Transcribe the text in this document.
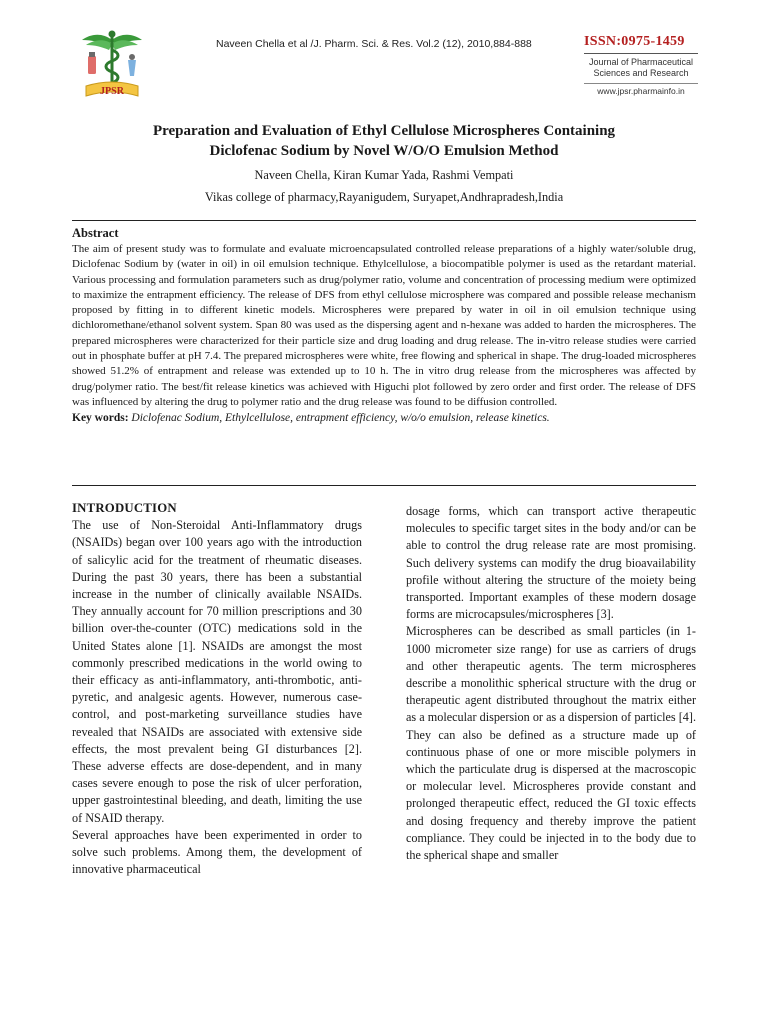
JPSR
Naveen Chella et al /J. Pharm. Sci. & Res. Vol.2 (12), 2010,884-888	ISSN:0975-1459
Journal of Pharmaceutical
Sciences and Research
www.jpsr.pharmainfo.in
Preparation and Evaluation of Ethyl Cellulose Microspheres Containing
Diclofenac Sodium by Novel W/O/O Emulsion Method

Naveen Chella, Kiran Kumar Yada, Rashmi Vempati

Vikas college of pharmacy,Rayanigudem, Suryapet,Andhrapradesh,India

Abstract

The aim of present study was to formulate and evaluate microencapsulated controlled release preparations of a highly water/soluble drug, Diclofenac Sodium by (water in oil) in oil emulsion technique. Ethylcellulose, a biocompatible polymer is used as the retardant material. Various processing and formulation parameters such as drug/polymer ratio, volume and concentration of processing medium were optimized to maximize the entrapment efficiency. The release of DFS from ethyl cellulose microsphere was compared and possible release mechanism proposed by fitting in to different kinetic models. Microspheres were prepared by water in oil in oil emulsion technique using dichloromethane/ethanol solvent system. Span 80 was used as the dispersing agent and n-hexane was added to harden the microspheres. The prepared microspheres were characterized for their particle size and drug loading and drug release. The in-vitro release studies were carried out in phosphate buffer at pH 7.4. The prepared microspheres were white, free flowing and spherical in shape. The drug-loaded microspheres showed 51.2% of entrapment and release was extended up to 10 h. The in vitro drug release from the microspheres was affected by drug/polymer ratio. The best/fit release kinetics was achieved with Higuchi plot followed by zero order and first order. The release of DFS was influenced by altering the drug to polymer ratio and the drug release was found to be diffusion controlled.

Key words: Diclofenac Sodium, Ethylcellulose, entrapment efficiency, w/o/o emulsion, release kinetics.

INTRODUCTION

The use of Non-Steroidal Anti-Inflammatory drugs (NSAIDs) began over 100 years ago with the introduction of salicylic acid for the treatment of rheumatic diseases. During the past 30 years, there has been a substantial increase in the number of clinically available NSAIDs. They annually account for 70 million prescriptions and 30 billion over-the-counter (OTC) medications sold in the United States alone [1]. NSAIDs are amongst the most commonly prescribed medications in the world owing to their efficacy as anti-inflammatory, anti-thrombotic, anti-pyretic, and analgesic agents. However, numerous case-control, and post-marketing surveillance studies have revealed that NSAIDs are associated with extensive side effects, the most prevalent being GI disturbances [2]. These adverse effects are dose-dependent, and in many cases severe enough to pose the risk of ulcer perforation, upper gastrointestinal bleeding, and death, limiting the use of NSAID therapy.

Several approaches have been experimented in order to solve such problems. Among them, the development of innovative pharmaceutical

dosage forms, which can transport active therapeutic molecules to specific target sites in the body and/or can be able to control the drug release rate are most promising. Such delivery systems can modify the drug bioavailability profile without altering the structure of the moiety being transported. Important examples of these modern dosage forms are microcapsules/microspheres [3].

Microspheres can be described as small particles (in 1-1000 micrometer size range) for use as carriers of drugs and other therapeutic agents. The term microspheres describe a monolithic spherical structure with the drug or therapeutic agent distributed throughout the matrix either as a molecular dispersion or as a dispersion of particles [4]. They can also be defined as a structure made up of continuous phase of one or more miscible polymers in which the particulate drug is dispersed at the macroscopic or molecular level. Microspheres provide constant and prolonged therapeutic effect, reduced the GI toxic effects and dosing frequency and thereby improve the patient compliance. They could be injected in to the body due to the spherical shape and smaller
